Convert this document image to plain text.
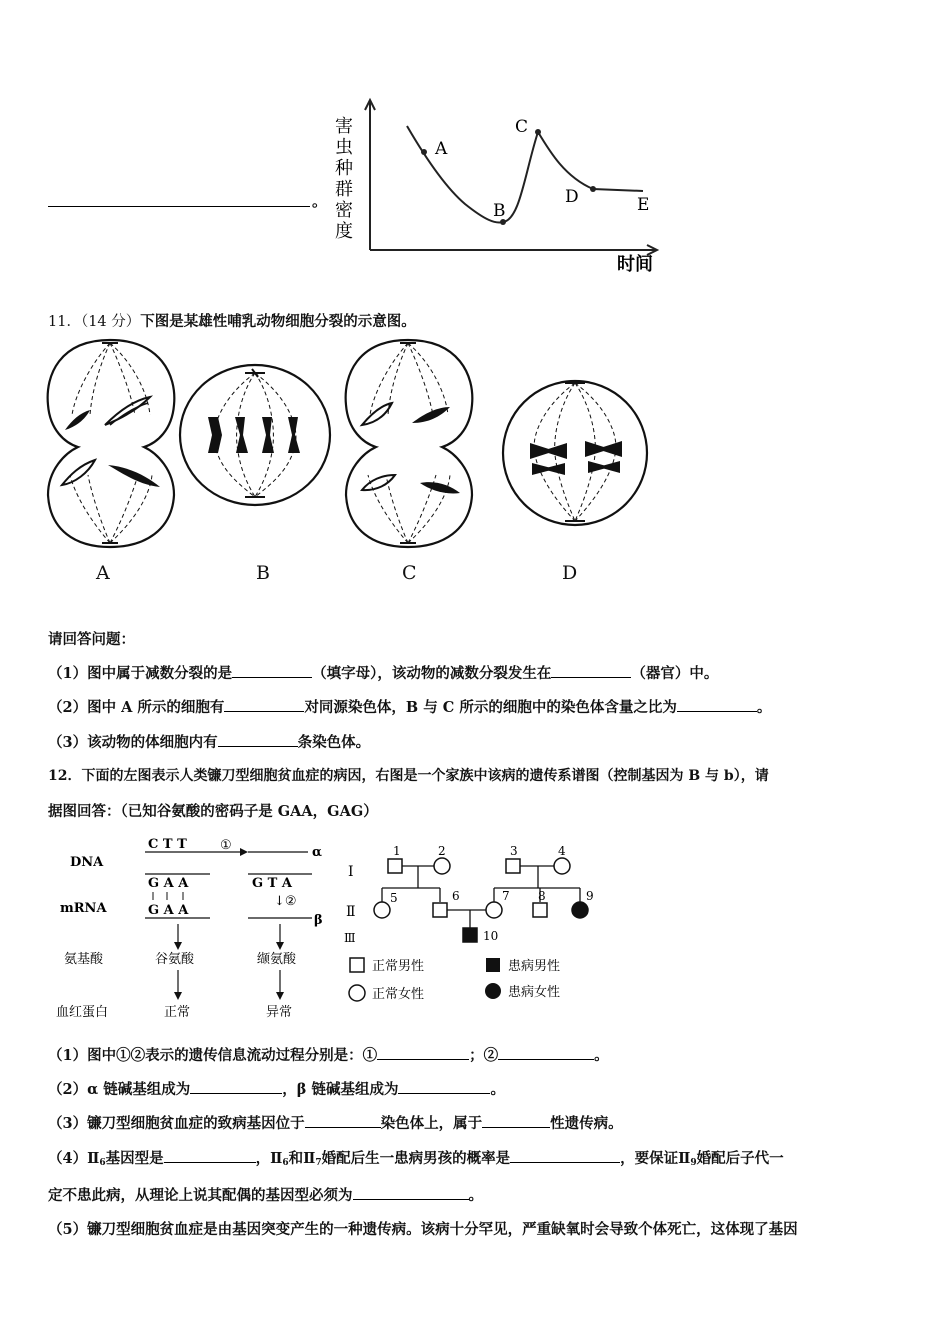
。
A
B
C
D	E
害
虫
种
群
密
度
时间
11．（14 分）下图是某雄性哺乳动物细胞分裂的示意图。
A	B	C	D
请回答问题：
（1）图中属于减数分裂的是	（填字母），该动物的减数分裂发生在	（器官）中。
（2）图中 A 所示的细胞有	对同源染色体，B 与 C 所示的细胞中的染色体含量之比为	。
（3）该动物的体细胞内有	条染色体。
12．下面的左图表示人类镰刀型细胞贫血症的病因，右图是一个家族中该病的遗传系谱图（控制基因为 B 与 b），请
据图回答：（已知谷氨酸的密码子是 GAA，GAG）
DNA
mRNA
氨基酸
血红蛋白
C T T
G A A
①	α
G T A
G A A
↓②
β
谷氨酸	缬氨酸
正常	异常
Ⅰ
Ⅱ
Ⅲ
1	2	3	4
5	6	7 8	9
10
正常男性	患病男性
正常女性	患病女性
（1）图中①②表示的遗传信息流动过程分别是：①	；②	。
（2）α 链碱基组成为	，β 链碱基组成为	。
（3）镰刀型细胞贫血症的致病基因位于	染色体上，属于	性遗传病。
$(4)Ⅱ_6$基因型是	，$Ⅱ_6$和$Ⅱ_7$婚配后生一患病男孩的概率是	，要保证$Ⅱ_9$婚配后子代一
定不患此病，从理论上说其配偶的基因型必须为	。
（5）镰刀型细胞贫血症是由基因突变产生的一种遗传病。该病十分罕见，严重缺氧时会导致个体死亡，这体现了基因
